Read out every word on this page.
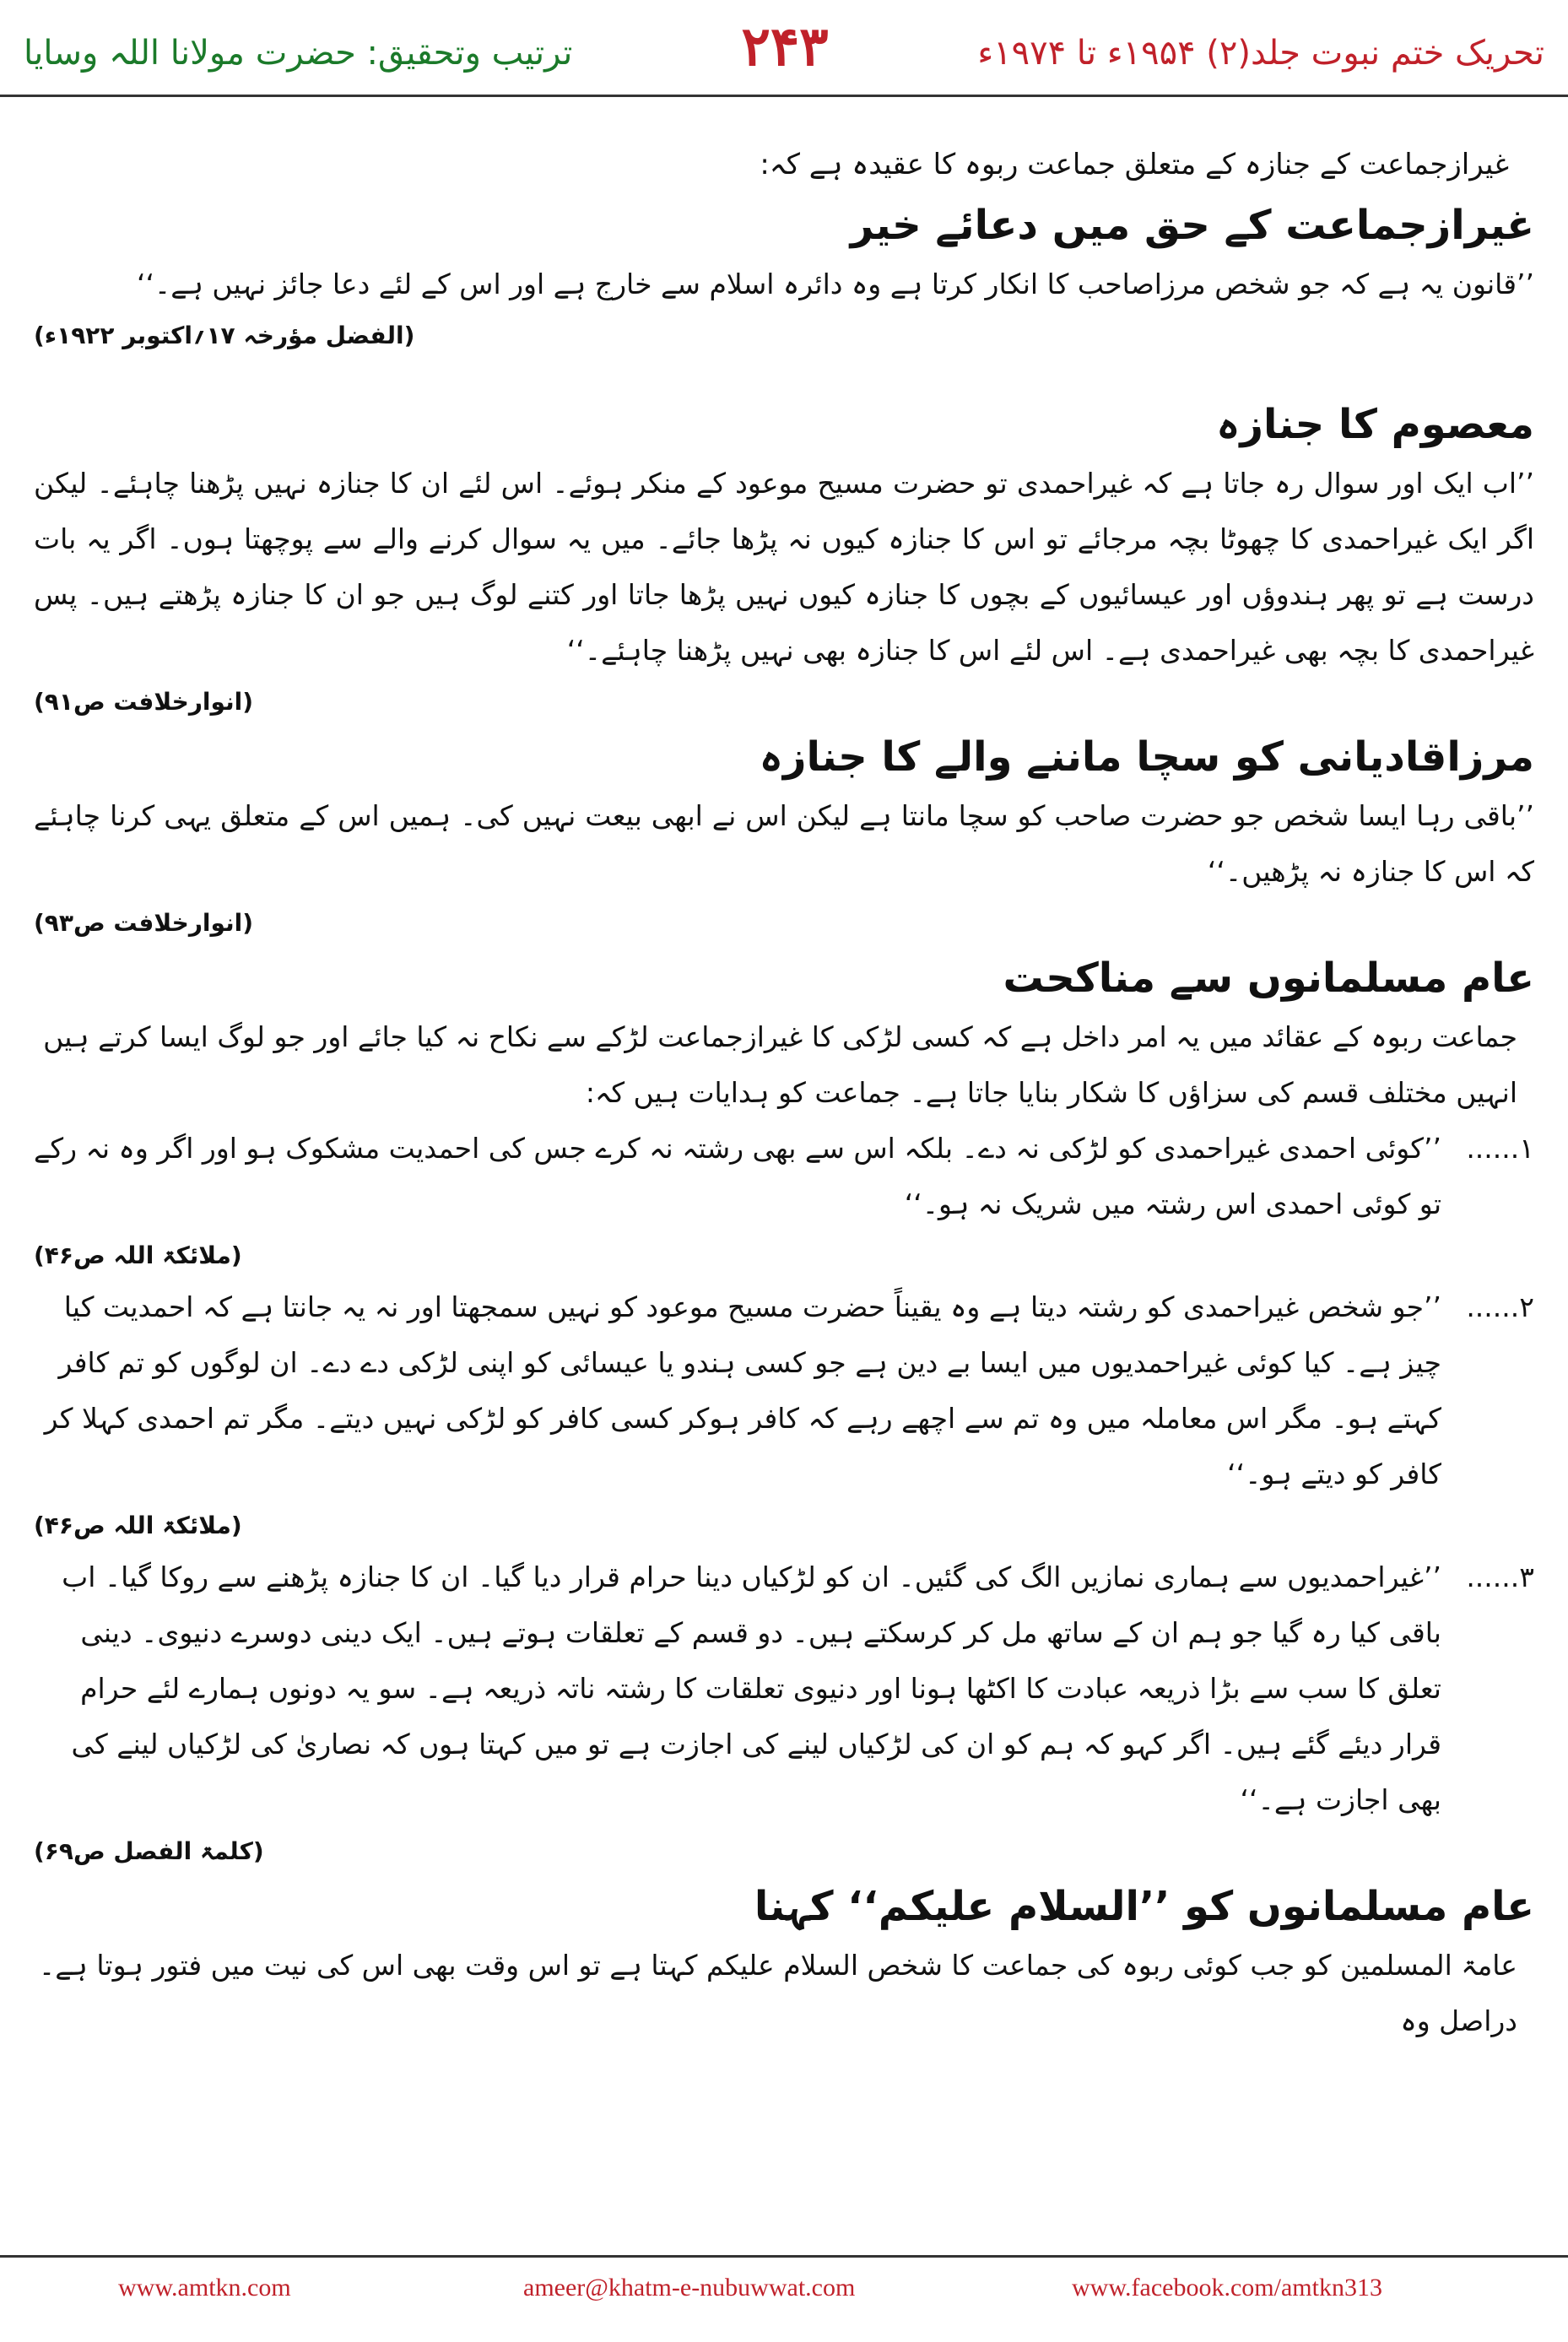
ترتیب وتحقیق: حضرت مولانا اللہ وسایا	۲۴۳	تحریک ختم نبوت جلد(۲) ۱۹۵۴ء تا ۱۹۷۴ء
غیرازجماعت کے جنازہ کے متعلق جماعت ربوہ کا عقیدہ ہے کہ:
غیرازجماعت کے حق میں دعائے خیر
’’قانون یہ ہے کہ جو شخص مرزاصاحب کا انکار کرتا ہے وہ دائرہ اسلام سے خارج ہے اور اس کے لئے دعا جائز نہیں ہے۔‘‘
(الفضل مؤرخہ ۱۷؍اکتوبر ۱۹۲۲ء)
معصوم کا جنازہ
’’اب ایک اور سوال رہ جاتا ہے کہ غیراحمدی تو حضرت مسیح موعود کے منکر ہوئے۔ اس لئے ان کا جنازہ نہیں پڑھنا چاہئے۔ لیکن اگر ایک غیراحمدی کا چھوٹا بچہ مرجائے تو اس کا جنازہ کیوں نہ پڑھا جائے۔ میں یہ سوال کرنے والے سے پوچھتا ہوں۔ اگر یہ بات درست ہے تو پھر ہندوؤں اور عیسائیوں کے بچوں کا جنازہ کیوں نہیں پڑھا جاتا اور کتنے لوگ ہیں جو ان کا جنازہ پڑھتے ہیں۔ پس غیراحمدی کا بچہ بھی غیراحمدی ہے۔ اس لئے اس کا جنازہ بھی نہیں پڑھنا چاہئے۔‘‘
(انوارخلافت ص۹۱)
مرزاقادیانی کو سچا ماننے والے کا جنازہ
’’باقی رہا ایسا شخص جو حضرت صاحب کو سچا مانتا ہے لیکن اس نے ابھی بیعت نہیں کی۔ ہمیں اس کے متعلق یہی کرنا چاہئے کہ اس کا جنازہ نہ پڑھیں۔‘‘
(انوارخلافت ص۹۳)
عام مسلمانوں سے مناکحت
جماعت ربوہ کے عقائد میں یہ امر داخل ہے کہ کسی لڑکی کا غیرازجماعت لڑکے سے نکاح نہ کیا جائے اور جو لوگ ایسا کرتے ہیں انہیں مختلف قسم کی سزاؤں کا شکار بنایا جاتا ہے۔ جماعت کو ہدایات ہیں کہ:
۱......
’’کوئی احمدی غیراحمدی کو لڑکی نہ دے۔ بلکہ اس سے بھی رشتہ نہ کرے جس کی احمدیت مشکوک ہو اور اگر وہ نہ رکے تو کوئی احمدی اس رشتہ میں شریک نہ ہو۔‘‘
(ملائکۃ اللہ ص۴۶)
۲......
’’جو شخص غیراحمدی کو رشتہ دیتا ہے وہ یقیناً حضرت مسیح موعود کو نہیں سمجھتا اور نہ یہ جانتا ہے کہ احمدیت کیا چیز ہے۔ کیا کوئی غیراحمدیوں میں ایسا بے دین ہے جو کسی ہندو یا عیسائی کو اپنی لڑکی دے دے۔ ان لوگوں کو تم کافر کہتے ہو۔ مگر اس معاملہ میں وہ تم سے اچھے رہے کہ کافر ہوکر کسی کافر کو لڑکی نہیں دیتے۔ مگر تم احمدی کہلا کر کافر کو دیتے ہو۔‘‘
(ملائکۃ اللہ ص۴۶)
۳......
’’غیراحمدیوں سے ہماری نمازیں الگ کی گئیں۔ ان کو لڑکیاں دینا حرام قرار دیا گیا۔ ان کا جنازہ پڑھنے سے روکا گیا۔ اب باقی کیا رہ گیا جو ہم ان کے ساتھ مل کر کرسکتے ہیں۔ دو قسم کے تعلقات ہوتے ہیں۔ ایک دینی دوسرے دنیوی۔ دینی تعلق کا سب سے بڑا ذریعہ عبادت کا اکٹھا ہونا اور دنیوی تعلقات کا رشتہ ناتہ ذریعہ ہے۔ سو یہ دونوں ہمارے لئے حرام قرار دیئے گئے ہیں۔ اگر کہو کہ ہم کو ان کی لڑکیاں لینے کی اجازت ہے تو میں کہتا ہوں کہ نصاریٰ کی لڑکیاں لینے کی بھی اجازت ہے۔‘‘
(کلمۃ الفصل ص۶۹)
عام مسلمانوں کو ’’السلام علیکم‘‘ کہنا
عامۃ المسلمین کو جب کوئی ربوہ کی جماعت کا شخص السلام علیکم کہتا ہے تو اس وقت بھی اس کی نیت میں فتور ہوتا ہے۔ دراصل وہ
www.amtkn.com	ameer@khatm-e-nubuwwat.com	www.facebook.com/amtkn313
